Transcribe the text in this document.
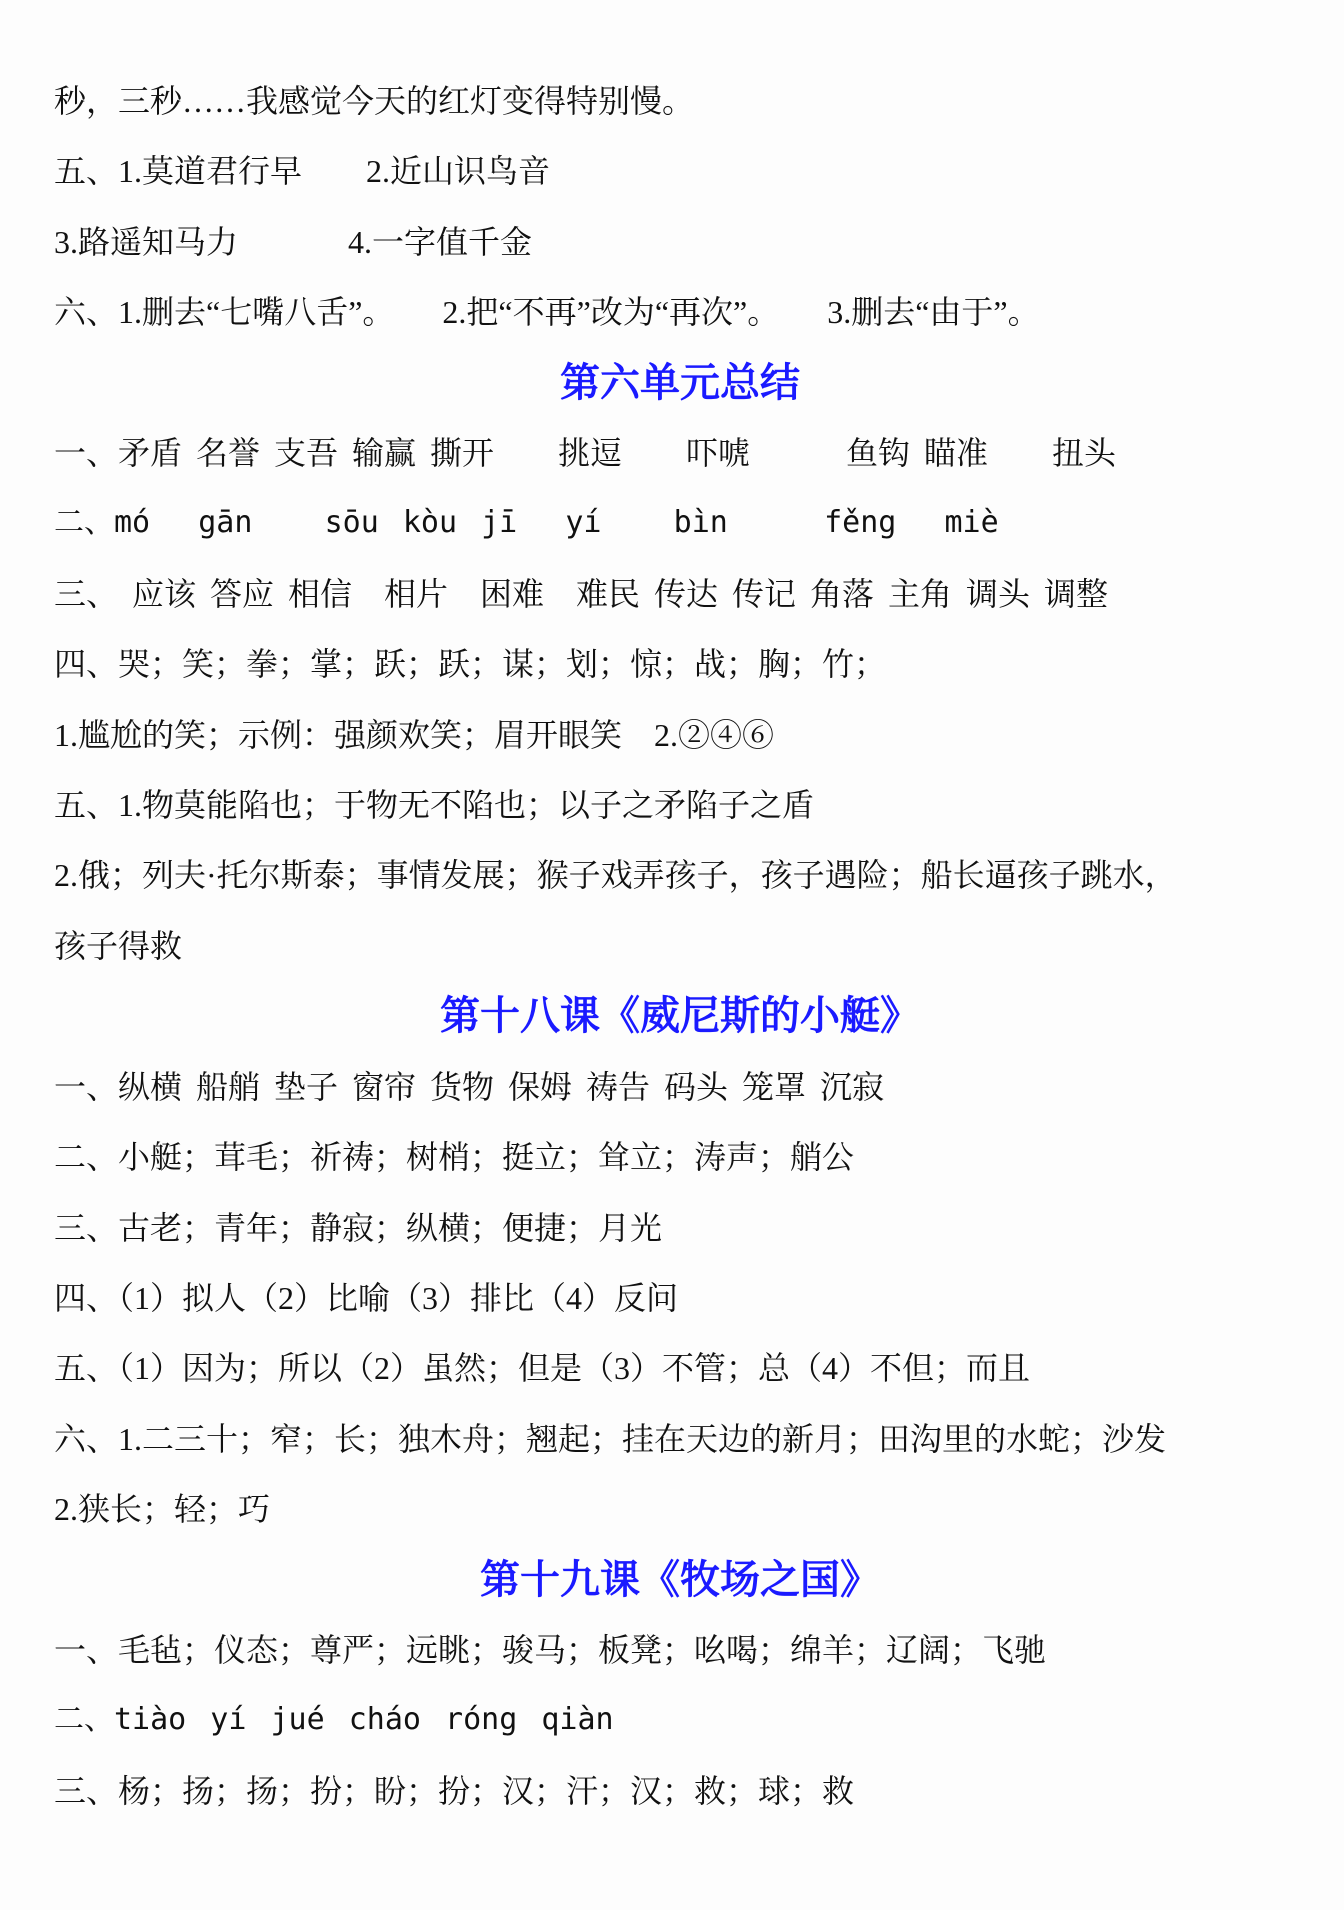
秒，三秒……我感觉今天的红灯变得特别慢。

五、1.莫道君行早　　2.近山识鸟音

3.路遥知马力　　　 4.一字值千金

六、1.删去“七嘴八舌”。　　2.把“不再”改为“再次”。　　3.删去“由于”。

第六单元总结

一、矛盾 名誉 支吾 输赢 撕开　　挑逗　　吓唬　　　鱼钩 瞄准　　扭头

二、mó  gān   sōu kòu jī  yí   bìn    fěng  miè

三、 应该 答应 相信　相片　困难　难民 传达 传记 角落 主角 调头 调整

四、哭；笑；拳；掌；跃；跃；谋；划；惊；战；胸；竹；

1.尴尬的笑；示例：强颜欢笑；眉开眼笑　2.②④⑥

五、1.物莫能陷也；于物无不陷也；以子之矛陷子之盾

2.俄；列夫·托尔斯泰；事情发展；猴子戏弄孩子，孩子遇险；船长逼孩子跳水，

孩子得救

第十八课《威尼斯的小艇》

一、纵横 船艄 垫子 窗帘 货物 保姆 祷告 码头 笼罩 沉寂

二、小艇；茸毛；祈祷；树梢；挺立；耸立；涛声；艄公

三、古老；青年；静寂；纵横；便捷；月光

四、（1）拟人（2）比喻（3）排比（4）反问

五、（1）因为；所以（2）虽然；但是（3）不管；总（4）不但；而且

六、1.二三十；窄；长；独木舟；翘起；挂在天边的新月；田沟里的水蛇；沙发

2.狭长；轻；巧

第十九课《牧场之国》

一、毛毡；仪态；尊严；远眺；骏马；板凳；吆喝；绵羊；辽阔；飞驰

二、tiào yí jué cháo róng qiàn

三、杨；扬；扬；扮；盼；扮；汉；汗；汉；救；球；救
